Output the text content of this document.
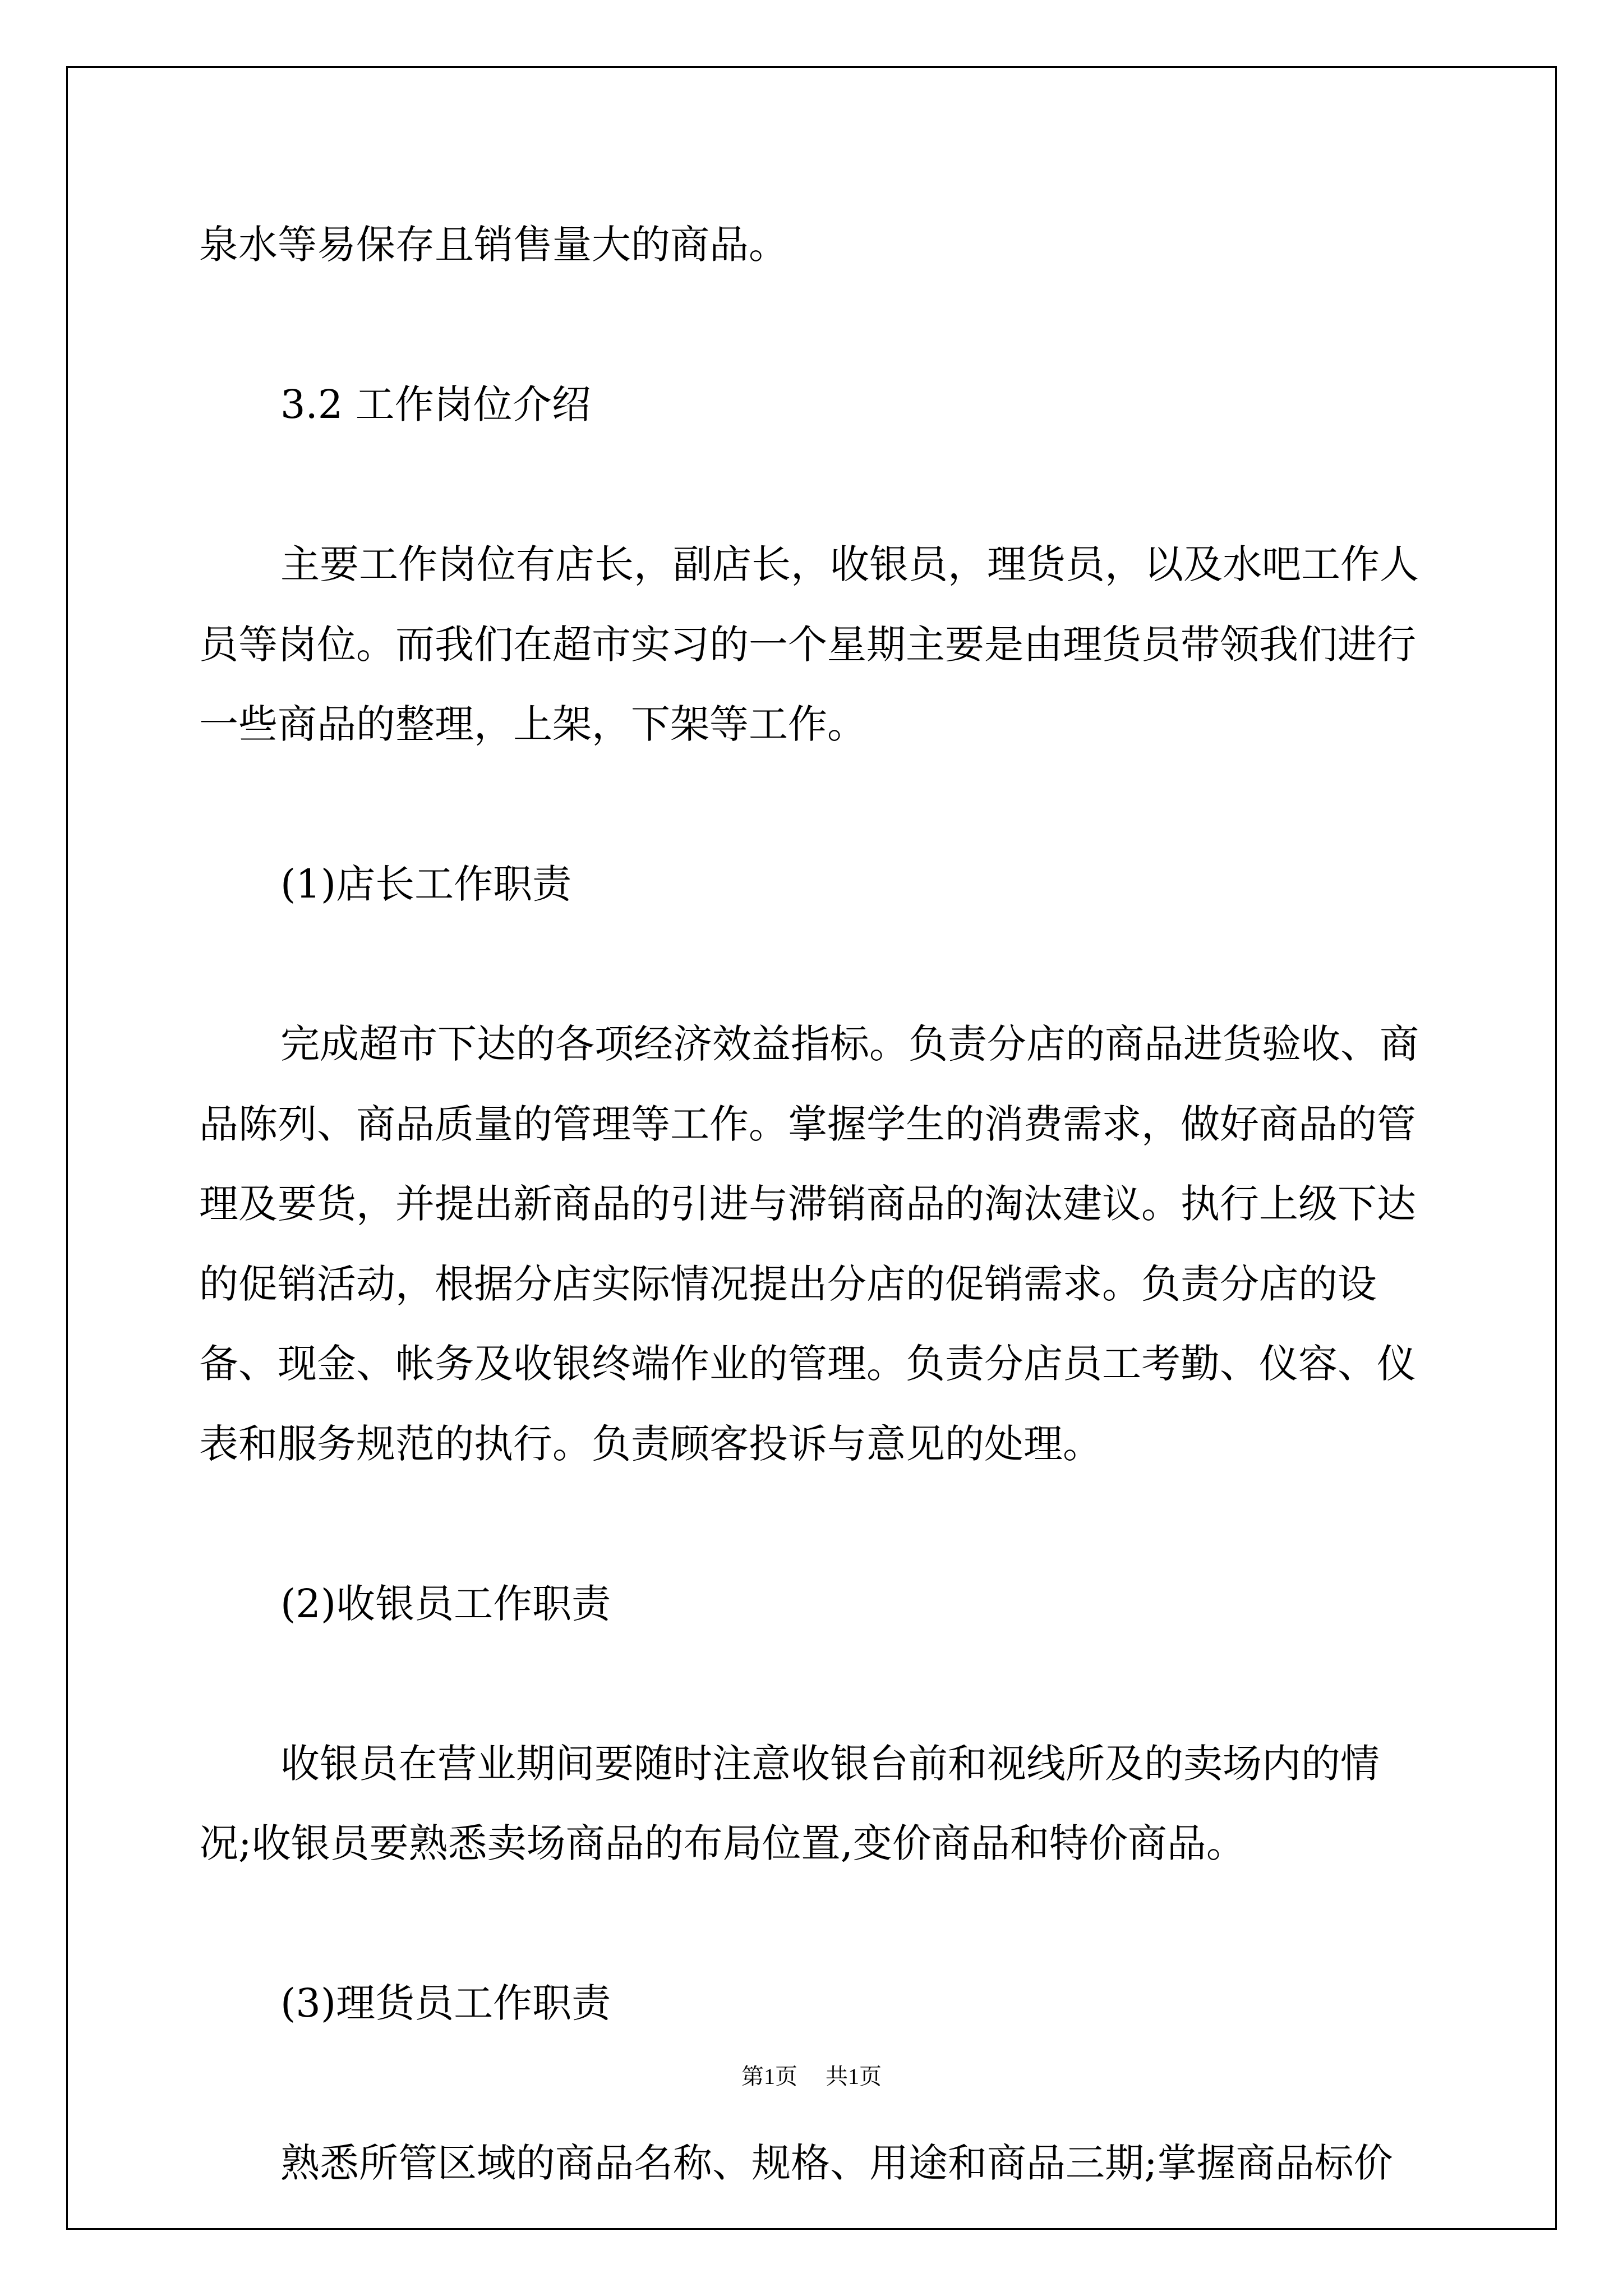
泉水等易保存且销售量大的商品。

3.2 工作岗位介绍

主要工作岗位有店长，副店长，收银员，理货员，以及水吧工作人员等岗位。而我们在超市实习的一个星期主要是由理货员带领我们进行一些商品的整理，上架，下架等工作。

(1)店长工作职责

完成超市下达的各项经济效益指标。负责分店的商品进货验收、商品陈列、商品质量的管理等工作。掌握学生的消费需求，做好商品的管理及要货，并提出新商品的引进与滞销商品的淘汰建议。执行上级下达的促销活动，根据分店实际情况提出分店的促销需求。负责分店的设备、现金、帐务及收银终端作业的管理。负责分店员工考勤、仪容、仪表和服务规范的执行。负责顾客投诉与意见的处理。

(2)收银员工作职责

收银员在营业期间要随时注意收银台前和视线所及的卖场内的情况;收银员要熟悉卖场商品的布局位置,变价商品和特价商品。

(3)理货员工作职责

熟悉所管区域的商品名称、规格、用途和商品三期;掌握商品标价

第1页 共1页
